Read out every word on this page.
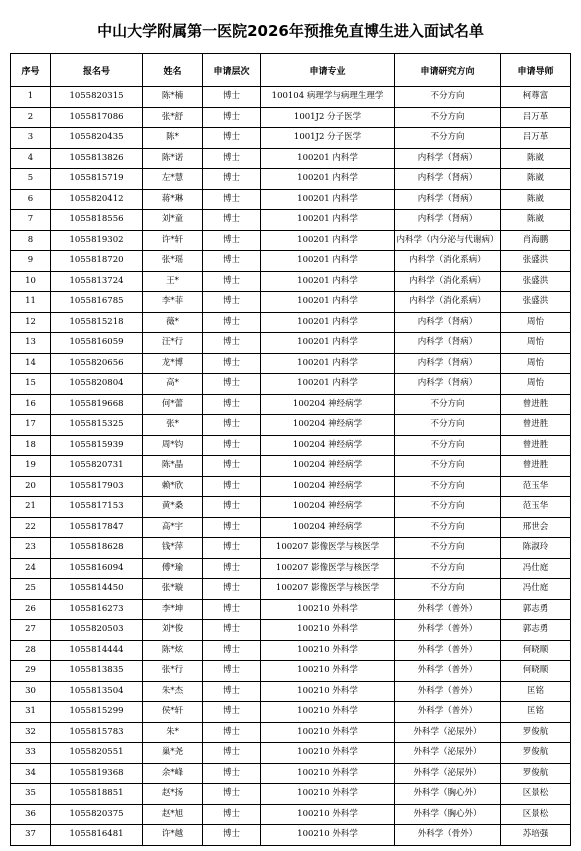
中山大学附属第一医院2026年预推免直博生进入面试名单
序号	报名号	姓名	申请层次	申请专业	申请研究方向	申请导师
1	1055820315	陈*楠	博士	100104 病理学与病理生理学	不分方向	柯尊富
2	1055817086	张*舒	博士	1001J2 分子医学	不分方向	吕万革
3	1055820435	陈*	博士	1001J2 分子医学	不分方向	吕万革
4	1055813826	陈*诺	博士	100201 内科学	内科学（肾病）	陈崴
5	1055815719	左*慧	博士	100201 内科学	内科学（肾病）	陈崴
6	1055820412	蒋*琳	博士	100201 内科学	内科学（肾病）	陈崴
7	1055818556	刘*童	博士	100201 内科学	内科学（肾病）	陈崴
8	1055819302	许*轩	博士	100201 内科学	内科学（内分泌与代谢病）	肖海鹏
9	1055818720	张*瑶	博士	100201 内科学	内科学（消化系病）	张盛洪
10	1055813724	王*	博士	100201 内科学	内科学（消化系病）	张盛洪
11	1055816785	李*菲	博士	100201 内科学	内科学（消化系病）	张盛洪
12	1055815218	薇*	博士	100201 内科学	内科学（肾病）	周怡
13	1055816059	汪*行	博士	100201 内科学	内科学（肾病）	周怡
14	1055820656	龙*博	博士	100201 内科学	内科学（肾病）	周怡
15	1055820804	高*	博士	100201 内科学	内科学（肾病）	周怡
16	1055819668	何*蕾	博士	100204 神经病学	不分方向	曾进胜
17	1055815325	张*	博士	100204 神经病学	不分方向	曾进胜
18	1055815939	周*钧	博士	100204 神经病学	不分方向	曾进胜
19	1055820731	陈*晶	博士	100204 神经病学	不分方向	曾进胜
20	1055817903	赖*欣	博士	100204 神经病学	不分方向	范玉华
21	1055817153	黄*桑	博士	100204 神经病学	不分方向	范玉华
22	1055817847	高*宇	博士	100204 神经病学	不分方向	邢世会
23	1055818628	钱*萍	博士	100207 影像医学与核医学	不分方向	陈淑玲
24	1055816094	傅*瑜	博士	100207 影像医学与核医学	不分方向	冯仕庭
25	1055814450	张*璇	博士	100207 影像医学与核医学	不分方向	冯仕庭
26	1055816273	李*坤	博士	100210 外科学	外科学（普外）	郭志勇
27	1055820503	刘*俊	博士	100210 外科学	外科学（普外）	郭志勇
28	1055814444	陈*炫	博士	100210 外科学	外科学（普外）	何晓顺
29	1055813835	张*行	博士	100210 外科学	外科学（普外）	何晓顺
30	1055813504	朱*杰	博士	100210 外科学	外科学（普外）	匡铭
31	1055815299	侯*轩	博士	100210 外科学	外科学（普外）	匡铭
32	1055815783	朱*	博士	100210 外科学	外科学（泌尿外）	罗俊航
33	1055820551	巢*尧	博士	100210 外科学	外科学（泌尿外）	罗俊航
34	1055819368	余*峰	博士	100210 外科学	外科学（泌尿外）	罗俊航
35	1055818851	赵*扬	博士	100210 外科学	外科学（胸心外）	区景松
36	1055820375	赵*旭	博士	100210 外科学	外科学（胸心外）	区景松
37	1055816481	许*越	博士	100210 外科学	外科学（骨外）	苏培强
